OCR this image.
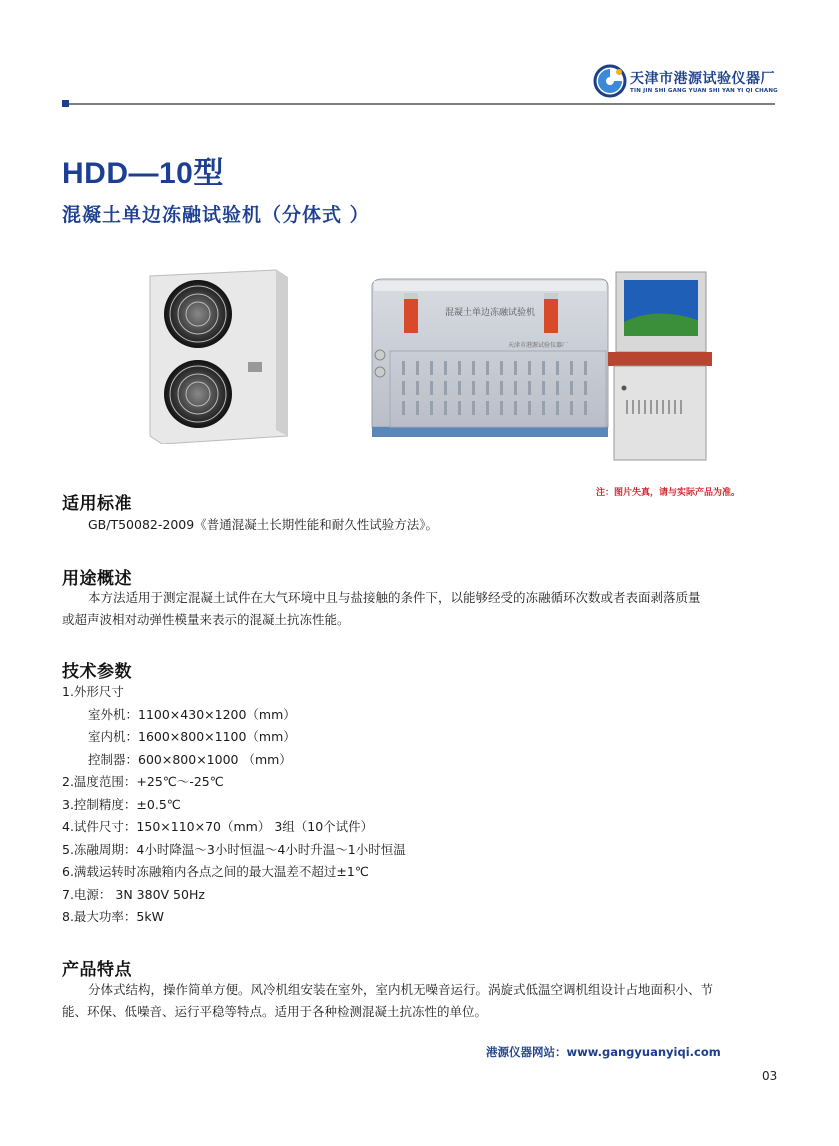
天津市港源试验仪器厂
TIN JIN SHI GANG YUAN SHI YAN YI QI CHANG
HDD—10型
混凝土单边冻融试验机（分体式 ）
混凝土单边冻融试验机
天津市港源试验仪器厂
注：图片失真，请与实际产品为准。
适用标准
GB/T50082-2009《普通混凝土长期性能和耐久性试验方法》。
用途概述
本方法适用于测定混凝土试件在大气环境中且与盐接触的条件下，以能够经受的冻融循环次数或者表面剥落质量
或超声波相对动弹性模量来表示的混凝土抗冻性能。
技术参数
1.外形尺寸
室外机：1100×430×1200（mm）
室内机：1600×800×1100（mm）
控制器：600×800×1000 （mm）
2.温度范围：+25℃～-25℃
3.控制精度：±0.5℃
4.试件尺寸：150×110×70（mm） 3组（10个试件）
5.冻融周期：4小时降温～3小时恒温～4小时升温～1小时恒温
6.满载运转时冻融箱内各点之间的最大温差不超过±1℃
7.电源： 3N 380V 50Hz
8.最大功率：5kW
产品特点
分体式结构，操作简单方便。风冷机组安装在室外，室内机无噪音运行。涡旋式低温空调机组设计占地面积小、节
能、环保、低噪音、运行平稳等特点。适用于各种检测混凝土抗冻性的单位。
港源仪器网站：www.gangyuanyiqi.com
03
